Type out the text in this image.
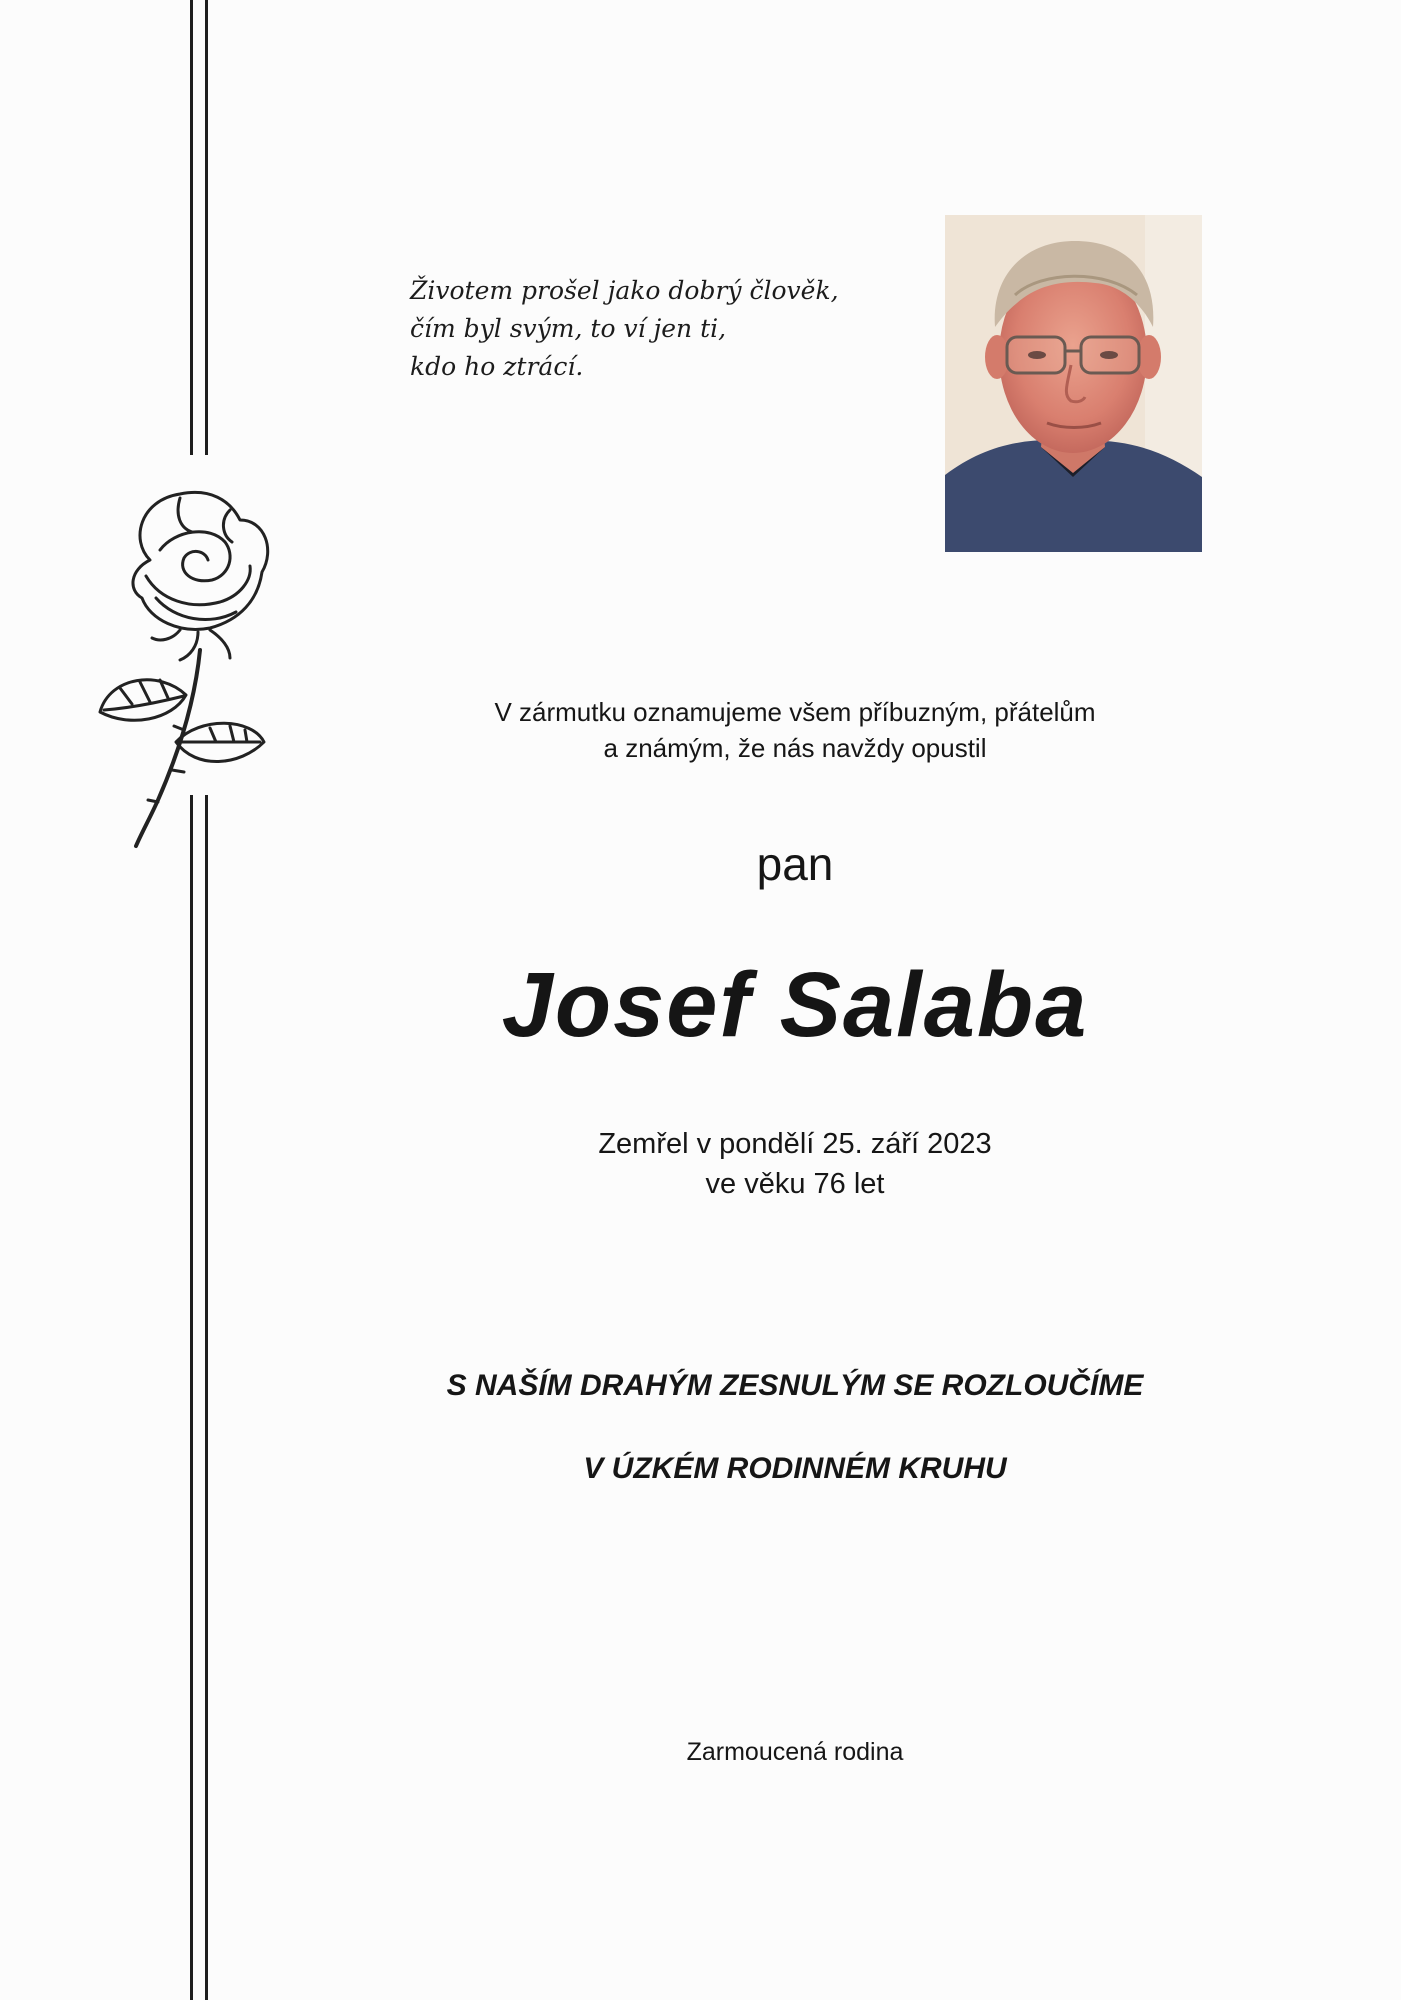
Životem prošel jako dobrý člověk,
čím byl svým, to ví jen ti,
kdo ho ztrácí.
V zármutku oznamujeme všem příbuzným, přátelům
a známým, že nás navždy opustil
pan
Josef Salaba
Zemřel v pondělí 25. září 2023
ve věku 76 let
S NAŠÍM DRAHÝM ZESNULÝM SE ROZLOUČÍME
V ÚZKÉM RODINNÉM KRUHU
Zarmoucená rodina
